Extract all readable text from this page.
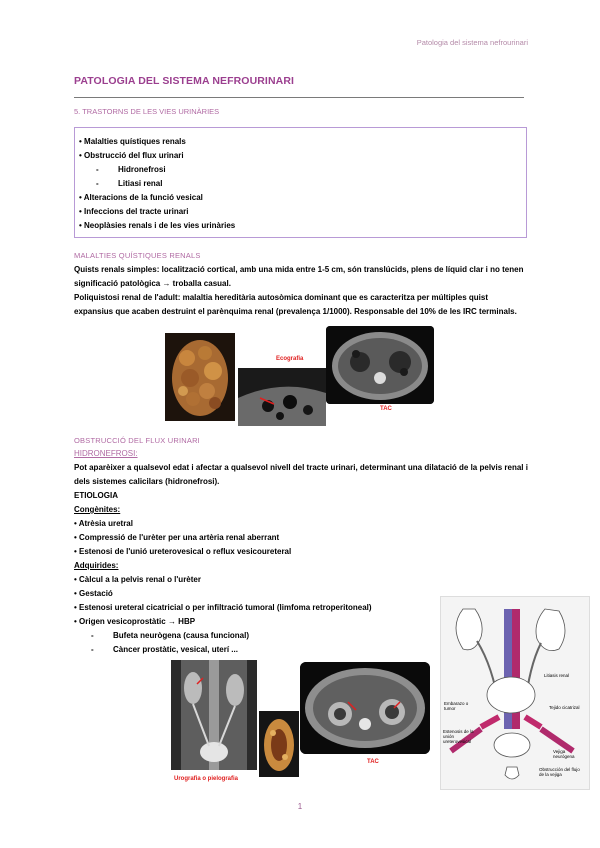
Patologia del sistema nefrourinari
PATOLOGIA DEL SISTEMA NEFROURINARI
5. TRASTORNS DE LES VIES URINÀRIES
• Malalties quístiques renals
• Obstrucció del flux urinari
- Hidronefrosi
- Litiasi renal
• Alteracions de la funció vesical
• Infeccions del tracte urinari
• Neoplàsies renals i de les vies urinàries
MALALTIES QUÍSTIQUES RENALS

Quists renals simples: localització cortical, amb una mida entre 1-5 cm, són translúcids, plens de líquid clar i no tenen significació patològica → troballa casual.

Poliquistosi renal de l'adult: malaltia hereditària autosòmica dominant que es caracteritza per múltiples quist expansius que acaben destruint el parènquima renal (prevalença 1/1000). Responsable del 10% de les IRC terminals.

Ecografia
TAC
OBSTRUCCIÓ DEL FLUX URINARI

HIDRONEFROSI:

Pot aparèixer a qualsevol edat i afectar a qualsevol nivell del tracte urinari, determinant una dilatació de la pelvis renal i dels sistemes calicilars (hidronefrosi).

ETIOLOGIA

Congènites:
• Atrèsia uretral
• Compressió de l'urèter per una artèria renal aberrant
• Estenosi de l'unió ureterovesical o reflux vesicoureteral
Adquirides:
• Càlcul a la pelvis renal o l'urèter
• Gestació
• Estenosi ureteral cicatricial o per infiltració tumoral (limfoma retroperitoneal)
• Origen vesicoprostàtic → HBP
- Bufeta neurògena (causa funcional)
- Càncer prostàtic, vesical, uterí ...
Urografia o pielografia
TAC
Litiasis renal
Tejido cicatrizal
Embarazo o tumor
Estenosis de la unión ureterovesical
Vejiga neurógena
Obstrucción del flujo de la vejiga
1
